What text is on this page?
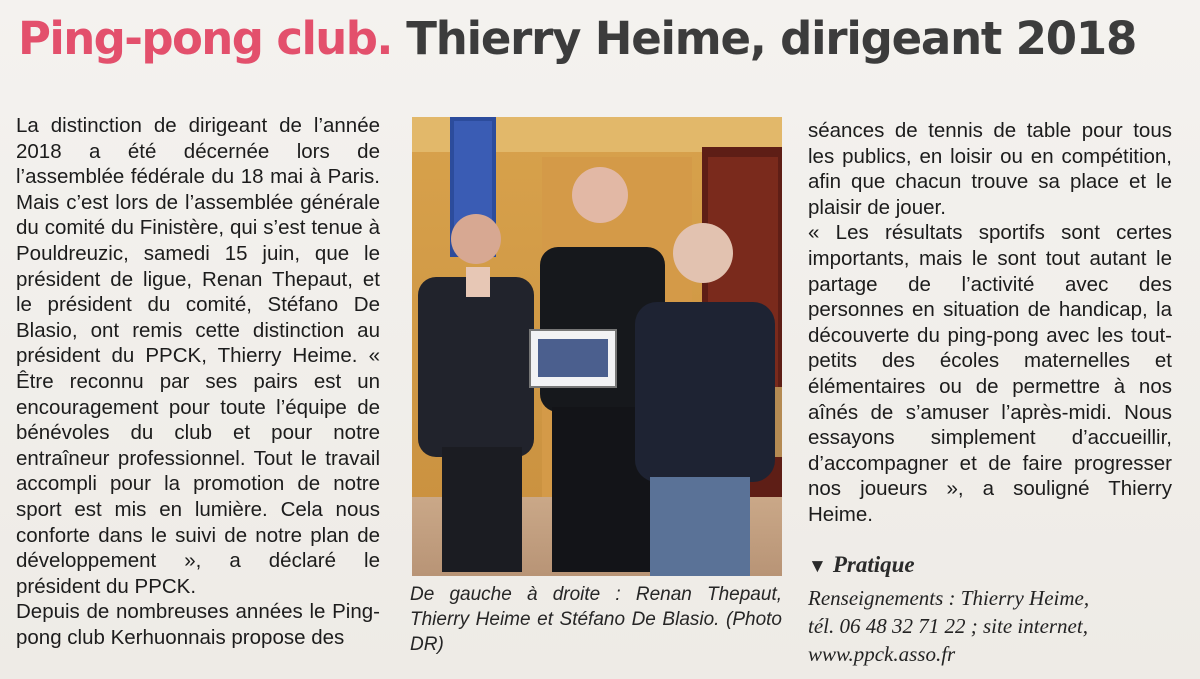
Ping-pong club. Thierry Heime, dirigeant 2018

La distinction de dirigeant de l’année 2018 a été décernée lors de l’assemblée fédérale du 18 mai à Paris. Mais c’est lors de l’assemblée générale du comité du Finistère, qui s’est tenue à Pouldreuzic, samedi 15 juin, que le président de ligue, Renan Thepaut, et le président du comité, Stéfano De Blasio, ont remis cette distinction au président du PPCK, Thierry Heime. « Être reconnu par ses pairs est un encouragement pour toute l’équipe de bénévoles du club et pour notre entraîneur professionnel. Tout le travail accompli pour la promotion de notre sport est mis en lumière. Cela nous conforte dans le suivi de notre plan de développement », a déclaré le président du PPCK.

Depuis de nombreuses années le Ping-pong club Kerhuonnais propose des

De gauche à droite : Renan Thepaut, Thierry Heime et Stéfano De Blasio. (Photo DR)

séances de tennis de table pour tous les publics, en loisir ou en compétition, afin que chacun trouve sa place et le plaisir de jouer.

« Les résultats sportifs sont certes importants, mais le sont tout autant le partage de l’activité avec des personnes en situation de handicap, la découverte du ping-pong avec les tout-petits des écoles maternelles et élémentaires ou de permettre à nos aînés de s’amuser l’après-midi. Nous essayons simplement d’accueillir, d’accompagner et de faire progresser nos joueurs », a souligné Thierry Heime.

▼ Pratique
Renseignements : Thierry Heime,
tél. 06 48 32 71 22 ; site internet,
www.ppck.asso.fr
